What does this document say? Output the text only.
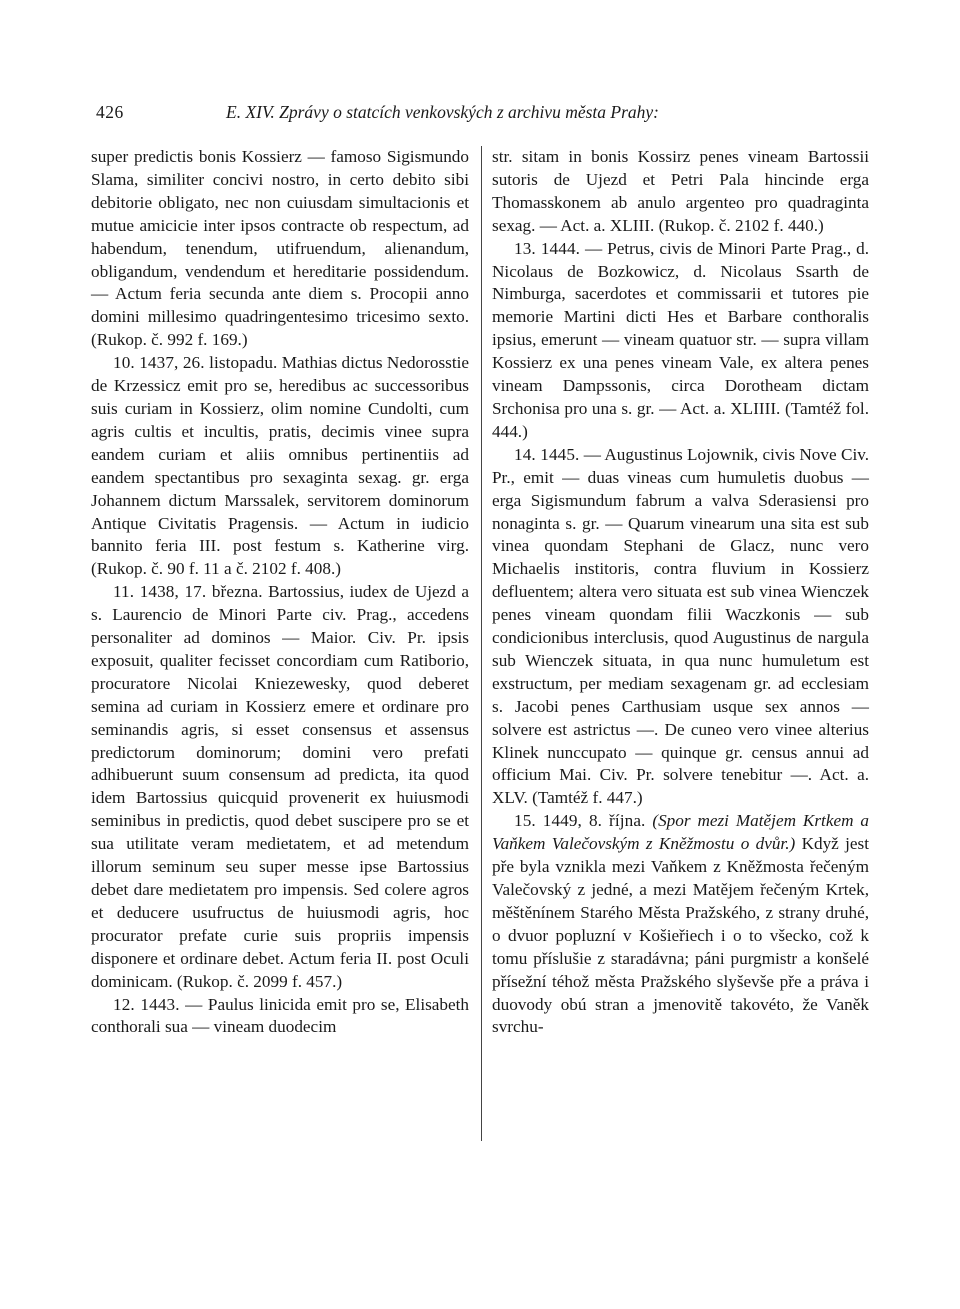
426	E. XIV. Zprávy o statcích venkovských z archivu města Prahy:

super predictis bonis Kossierz — famoso Sigismundo Slama, similiter concivi nostro, in certo debito sibi debitorie obligato, nec non cuiusdam simultacionis et mutue amicicie inter ipsos contracte ob respectum, ad habendum, tenendum, utifruendum, alienandum, obligandum, vendendum et hereditarie possidendum. — Actum feria secunda ante diem s. Procopii anno domini millesimo quadringentesimo tricesimo sexto. (Rukop. č. 992 f. 169.)

10. 1437, 26. listopadu. Mathias dictus Nedorosstie de Krzessicz emit pro se, heredibus ac successoribus suis curiam in Kossierz, olim nomine Cundolti, cum agris cultis et incultis, pratis, decimis vinee supra eandem curiam et aliis omnibus pertinentiis ad eandem spectantibus pro sexaginta sexag. gr. erga Johannem dictum Marssalek, servitorem dominorum Antique Civitatis Pragensis. — Actum in iudicio bannito feria III. post festum s. Katherine virg. (Rukop. č. 90 f. 11 a č. 2102 f. 408.)

11. 1438, 17. března. Bartossius, iudex de Ujezd a s. Laurencio de Minori Parte civ. Prag., accedens personaliter ad dominos — Maior. Civ. Pr. ipsis exposuit, qualiter fecisset concordiam cum Ratiborio, procuratore Nicolai Kniezewesky, quod deberet semina ad curiam in Kossierz emere et ordinare pro seminandis agris, si esset consensus et assensus predictorum dominorum; domini vero prefati adhibuerunt suum consensum ad predicta, ita quod idem Bartossius quicquid provenerit ex huiusmodi seminibus in predictis, quod debet suscipere pro se et sua utilitate veram medietatem, et ad metendum illorum seminum seu super messe ipse Bartossius debet dare medietatem pro impensis. Sed colere agros et deducere usufructus de huiusmodi agris, hoc procurator prefate curie suis propriis impensis disponere et ordinare debet. Actum feria II. post Oculi dominicam. (Rukop. č. 2099 f. 457.)

12. 1443. — Paulus linicida emit pro se, Elisabeth conthorali sua — vineam duodecim

str. sitam in bonis Kossirz penes vineam Bartossii sutoris de Ujezd et Petri Pala hincinde erga Thomasskonem ab anulo argenteo pro quadraginta sexag. — Act. a. XLIII. (Rukop. č. 2102 f. 440.)

13. 1444. — Petrus, civis de Minori Parte Prag., d. Nicolaus de Bozkowicz, d. Nicolaus Ssarth de Nimburga, sacerdotes et commissarii et tutores pie memorie Martini dicti Hes et Barbare conthoralis ipsius, emerunt — vineam quatuor str. — supra villam Kossierz ex una penes vineam Vale, ex altera penes vineam Dampssonis, circa Dorotheam dictam Srchonisa pro una s. gr. — Act. a. XLIIII. (Tamtéž fol. 444.)

14. 1445. — Augustinus Lojownik, civis Nove Civ. Pr., emit — duas vineas cum humuletis duobus — erga Sigismundum fabrum a valva Sderasiensi pro nonaginta s. gr. — Quarum vinearum una sita est sub vinea quondam Stephani de Glacz, nunc vero Michaelis institoris, contra fluvium in Kossierz defluentem; altera vero situata est sub vinea Wienczek penes vineam quondam filii Waczkonis — sub condicionibus interclusis, quod Augustinus de nargula sub Wienczek situata, in qua nunc humuletum est exstructum, per mediam sexagenam gr. ad ecclesiam s. Jacobi penes Carthusiam usque sex annos — solvere est astrictus —. De cuneo vero vinee alterius Klinek nunccupato — quinque gr. census annui ad officium Mai. Civ. Pr. solvere tenebitur —. Act. a. XLV. (Tamtéž f. 447.)

15. 1449, 8. října. (Spor mezi Matějem Krtkem a Vaňkem Valečovským z Kněžmostu o dvůr.) Když jest pře byla vznikla mezi Vaňkem z Kněžmosta řečeným Valečovský z jedné, a mezi Matějem řečeným Krtek, měštěnínem Starého Města Pražského, z strany druhé, o dvuor popluzní v Košieřiech i o to všecko, což k tomu příslušie z staradávna; páni purgmistr a konšelé přísežní téhož města Pražského slyševše pře a práva i duovody obú stran a jmenovitě takovéto, že Vaněk svrchu-
